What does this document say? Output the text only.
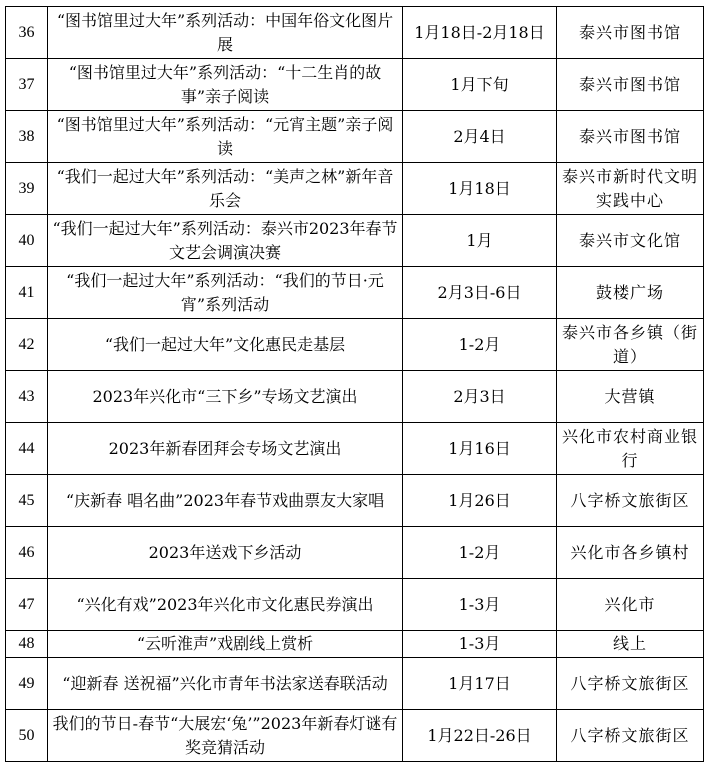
36	“图书馆里过大年”系列活动：中国年俗文化图片展	1月18日-2月18日	泰兴市图书馆
37	“图书馆里过大年”系列活动：“十二生肖的故事”亲子阅读	1月下旬	泰兴市图书馆
38	“图书馆里过大年”系列活动：“元宵主题”亲子阅读	2月4日	泰兴市图书馆
39	“我们一起过大年”系列活动：“美声之林”新年音乐会	1月18日	泰兴市新时代文明实践中心
40	“我们一起过大年”系列活动：泰兴市2023年春节文艺会调演决赛	1月	泰兴市文化馆
41	“我们一起过大年”系列活动：“我们的节日·元宵”系列活动	2月3日-6日	鼓楼广场
42	“我们一起过大年”文化惠民走基层	1-2月	泰兴市各乡镇（街道）
43	2023年兴化市“三下乡”专场文艺演出	2月3日	大营镇
44	2023年新春团拜会专场文艺演出	1月16日	兴化市农村商业银行
45	“庆新春 唱名曲”2023年春节戏曲票友大家唱	1月26日	八字桥文旅街区
46	2023年送戏下乡活动	1-2月	兴化市各乡镇村
47	“兴化有戏”2023年兴化市文化惠民券演出	1-3月	兴化市
48	“云听淮声”戏剧线上赏析	1-3月	线上
49	“迎新春 送祝福”兴化市青年书法家送春联活动	1月17日	八字桥文旅街区
50	我们的节日-春节“大展宏‘兔’”2023年新春灯谜有奖竞猜活动	1月22日-26日	八字桥文旅街区
